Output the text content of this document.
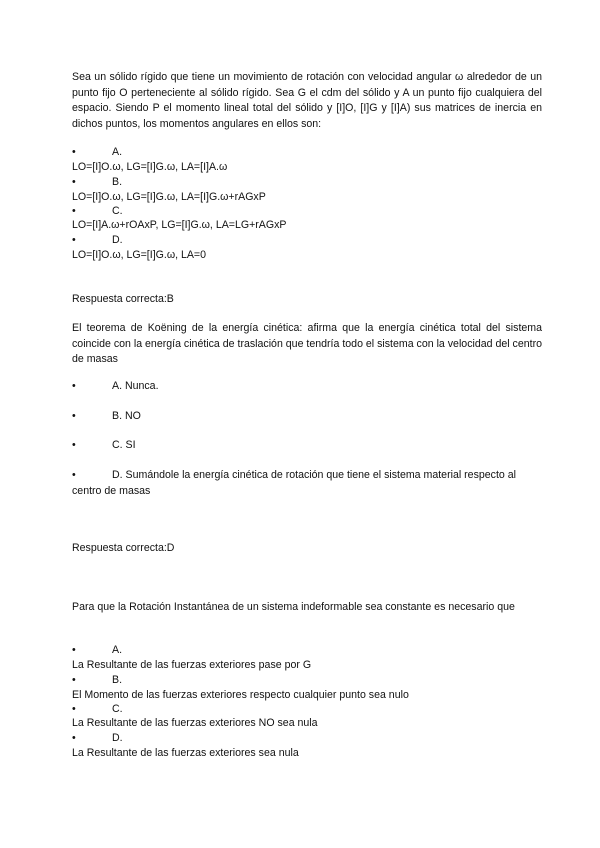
Sea un sólido rígido que tiene un movimiento de rotación con velocidad angular ω alrededor de un punto fijo O perteneciente al sólido rígido. Sea G el cdm del sólido y A un punto fijo cualquiera del espacio. Siendo P el momento lineal total del sólido y [I]O, [I]G y [I]A) sus matrices de inercia en dichos puntos, los momentos angulares en ellos son:

•	A.
LO=[I]O.ω, LG=[I]G.ω, LA=[I]A.ω
•	B.
LO=[I]O.ω, LG=[I]G.ω, LA=[I]G.ω+rAGxP
•	C.
LO=[I]A.ω+rOAxP, LG=[I]G.ω, LA=LG+rAGxP
•	D.
LO=[I]O.ω, LG=[I]G.ω, LA=0
Respuesta correcta:B

El teorema de Koëning de la energía cinética: afirma que la energía cinética total del sistema coincide con la energía cinética de traslación que tendría todo el sistema con la velocidad del centro de masas

•	A. Nunca.
•	B. NO
•	C. SI
•	D. Sumándole la energía cinética de rotación que tiene el sistema material respecto al centro de masas
Respuesta correcta:D

Para que la Rotación Instantánea de un sistema indeformable sea constante es necesario que

•	A.
La Resultante de las fuerzas exteriores pase por G
•	B.
El Momento de las fuerzas exteriores respecto cualquier punto sea nulo
•	C.
La Resultante de las fuerzas exteriores NO sea nula
•	D.
La Resultante de las fuerzas exteriores sea nula
